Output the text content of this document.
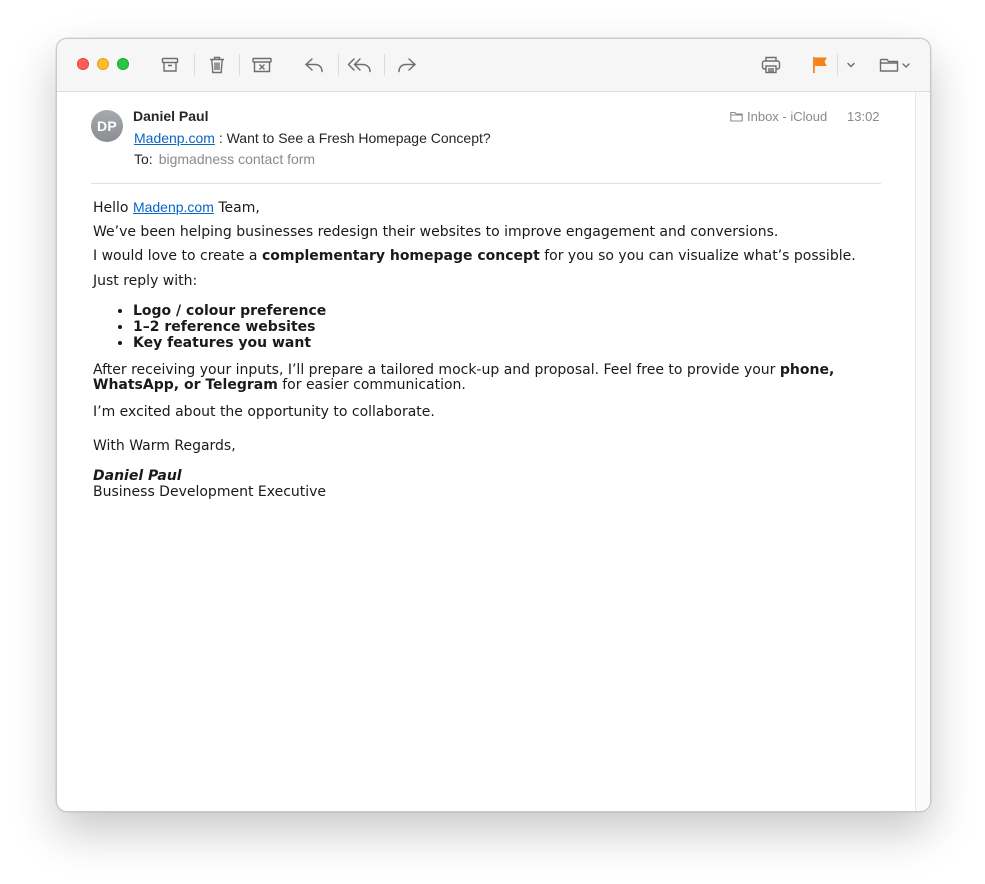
DP
Daniel Paul
Madenp.com : Want to See a Fresh Homepage Concept?
To: bigmadness contact form
Inbox - iCloud 13:02
Hello Madenp.com Team,
We’ve been helping businesses redesign their websites to improve engagement and conversions.
I would love to create a complementary homepage concept for you so you can visualize what’s possible.
Just reply with:
• Logo / colour preference
• 1–2 reference websites
• Key features you want
After receiving your inputs, I’ll prepare a tailored mock-up and proposal. Feel free to provide your phone,
WhatsApp, or Telegram for easier communication.
I’m excited about the opportunity to collaborate.
With Warm Regards,
Daniel Paul
Business Development Executive
